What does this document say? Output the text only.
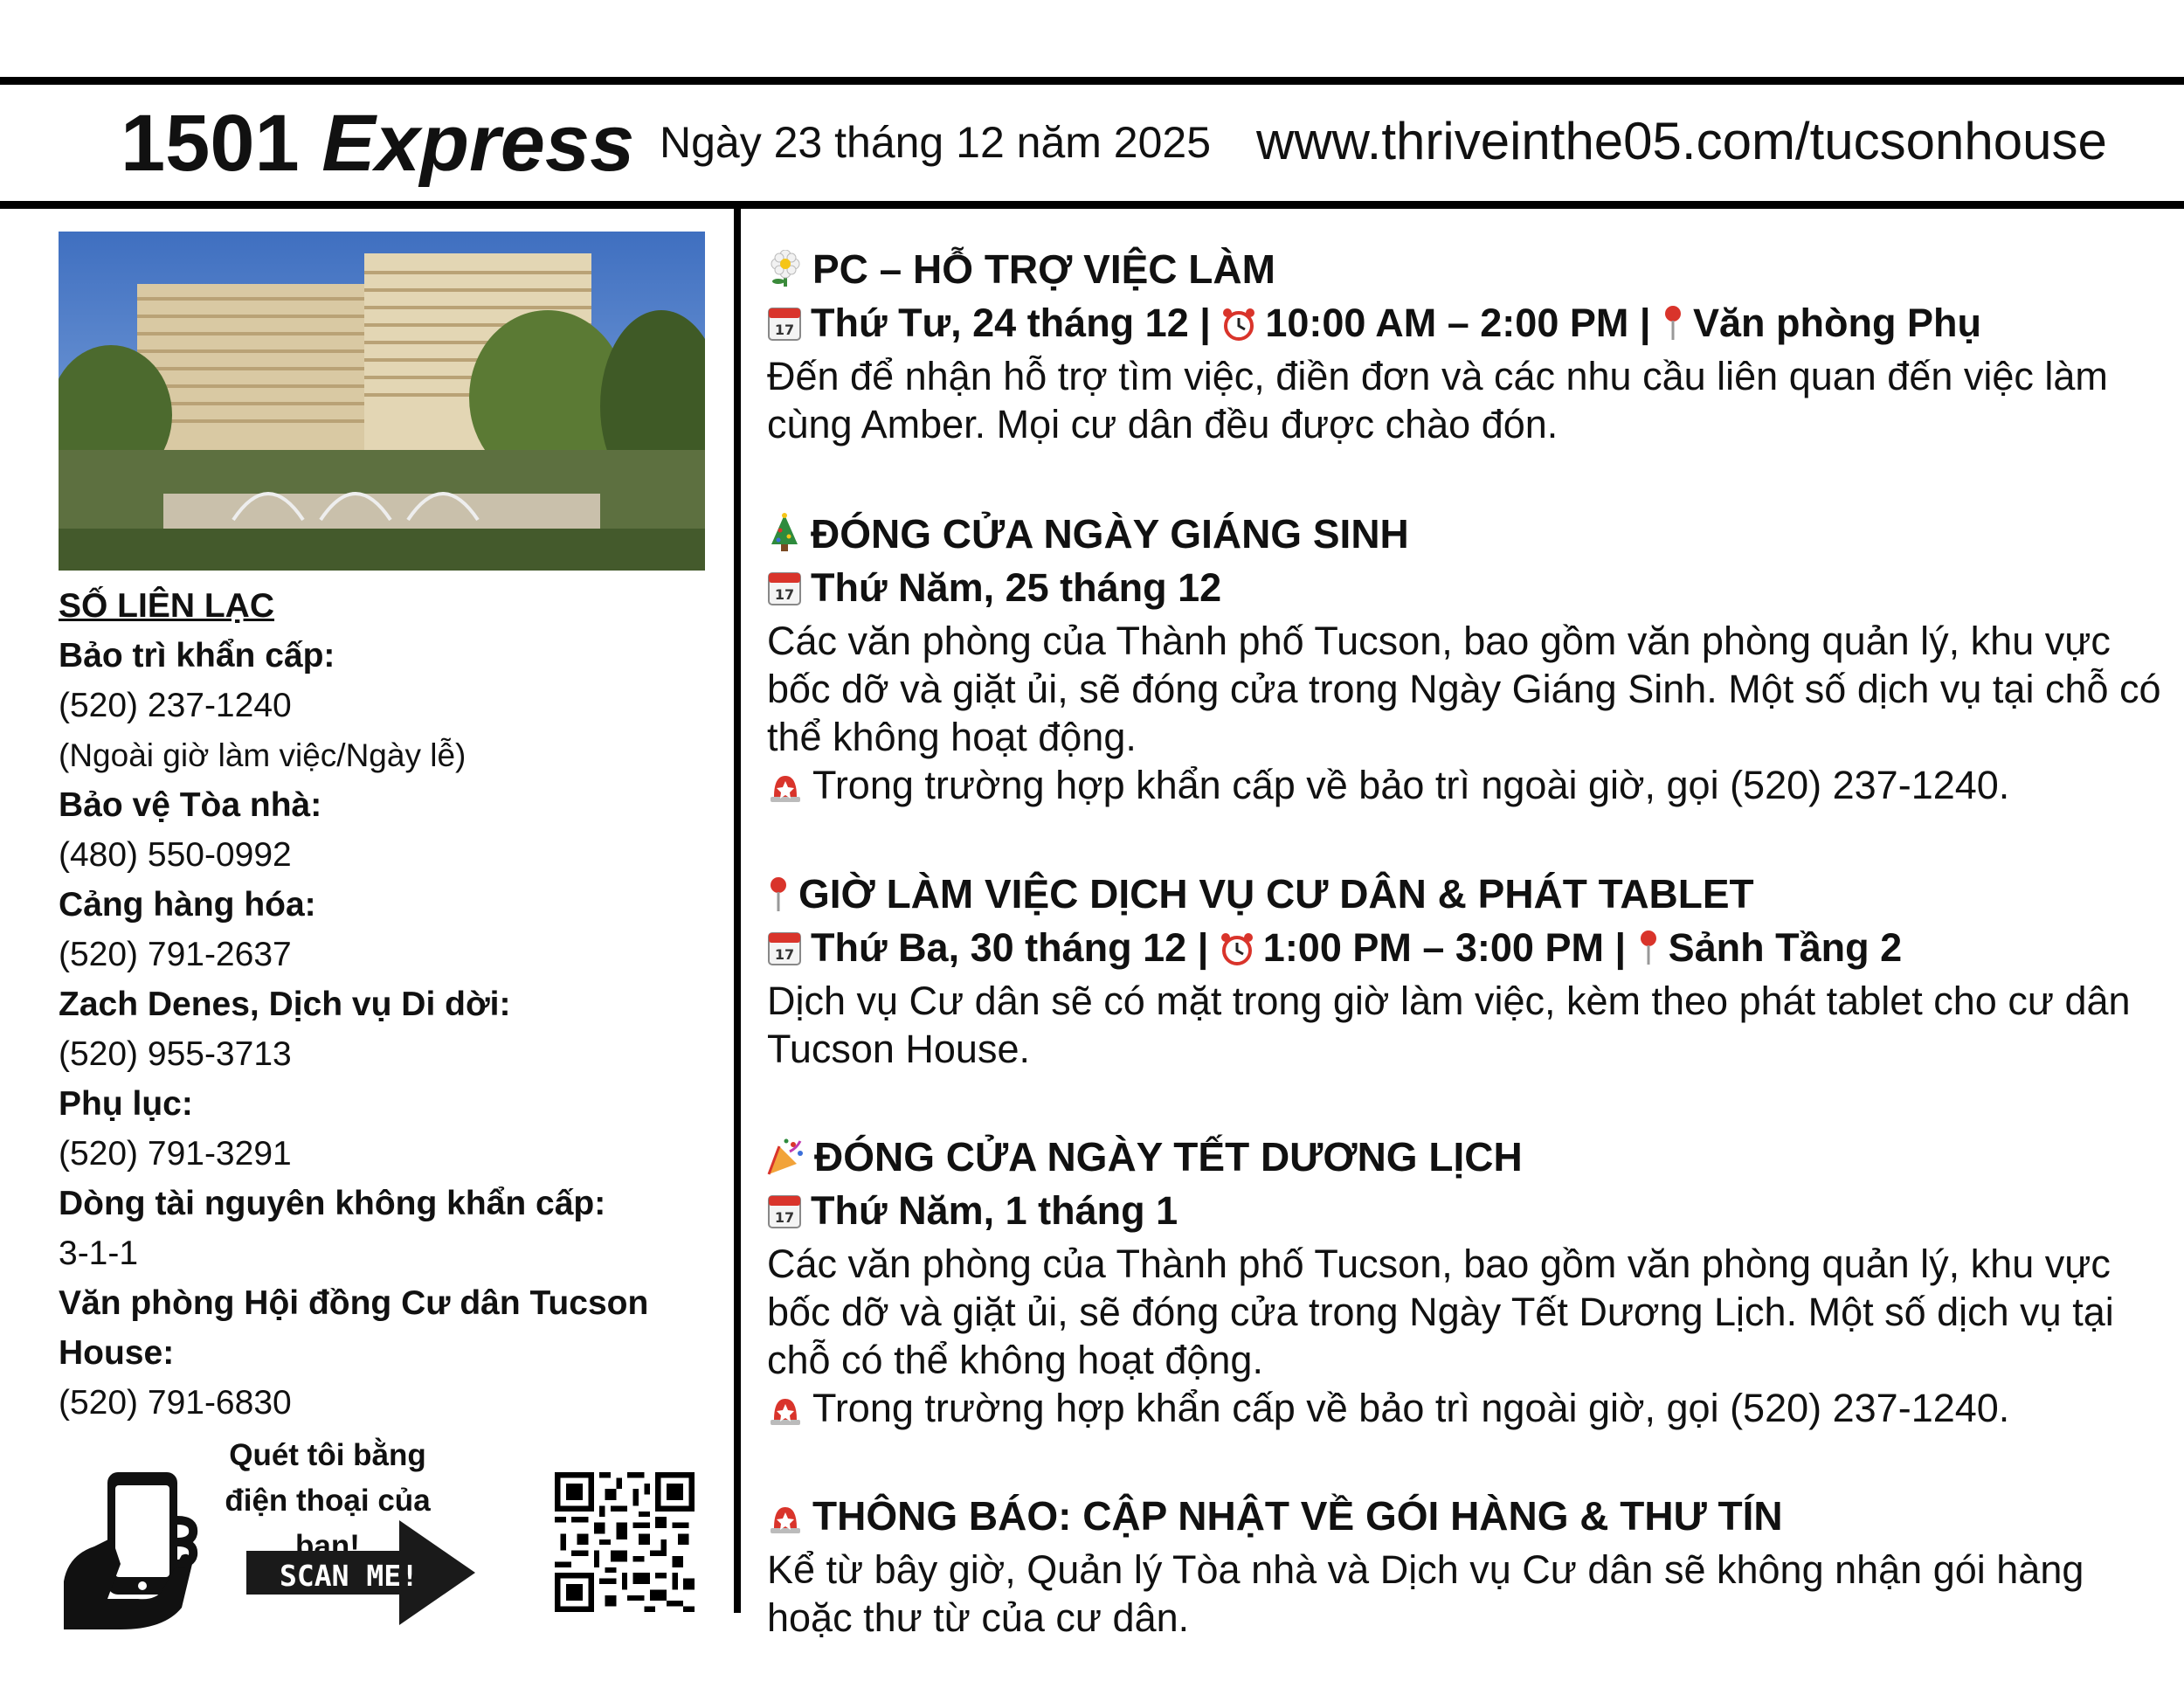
1501 Express Ngày 23 tháng 12 năm 2025 www.thriveinthe05.com/tucsonhouse
SỐ LIÊN LẠC
Bảo trì khẩn cấp:
(520) 237-1240
(Ngoài giờ làm việc/Ngày lễ)
Bảo vệ Tòa nhà:
(480) 550-0992
Cảng hàng hóa:
(520) 791-2637
Zach Denes, Dịch vụ Di dời:
(520) 955-3713
Phụ lục:
(520) 791-3291
Dòng tài nguyên không khẩn cấp:
3-1-1
Văn phòng Hội đồng Cư dân Tucson House:
(520) 791-6830
Quét tôi bằng điện thoại của bạn!
SCAN ME!
PC – HỖ TRỢ VIỆC LÀM
17 Thứ Tư, 24 tháng 12 | 10:00 AM – 2:00 PM | Văn phòng Phụ
Đến để nhận hỗ trợ tìm việc, điền đơn và các nhu cầu liên quan đến việc làm cùng Amber. Mọi cư dân đều được chào đón.
ĐÓNG CỬA NGÀY GIÁNG SINH
17 Thứ Năm, 25 tháng 12
Các văn phòng của Thành phố Tucson, bao gồm văn phòng quản lý, khu vực bốc dỡ và giặt ủi, sẽ đóng cửa trong Ngày Giáng Sinh. Một số dịch vụ tại chỗ có thể không hoạt động.
Trong trường hợp khẩn cấp về bảo trì ngoài giờ, gọi (520) 237-1240.
GIỜ LÀM VIỆC DỊCH VỤ CƯ DÂN & PHÁT TABLET
17 Thứ Ba, 30 tháng 12 | 1:00 PM – 3:00 PM | Sảnh Tầng 2
Dịch vụ Cư dân sẽ có mặt trong giờ làm việc, kèm theo phát tablet cho cư dân Tucson House.
ĐÓNG CỬA NGÀY TẾT DƯƠNG LỊCH
17 Thứ Năm, 1 tháng 1
Các văn phòng của Thành phố Tucson, bao gồm văn phòng quản lý, khu vực bốc dỡ và giặt ủi, sẽ đóng cửa trong Ngày Tết Dương Lịch. Một số dịch vụ tại chỗ có thể không hoạt động.
Trong trường hợp khẩn cấp về bảo trì ngoài giờ, gọi (520) 237-1240.
THÔNG BÁO: CẬP NHẬT VỀ GÓI HÀNG & THƯ TÍN
Kể từ bây giờ, Quản lý Tòa nhà và Dịch vụ Cư dân sẽ không nhận gói hàng hoặc thư từ của cư dân.
